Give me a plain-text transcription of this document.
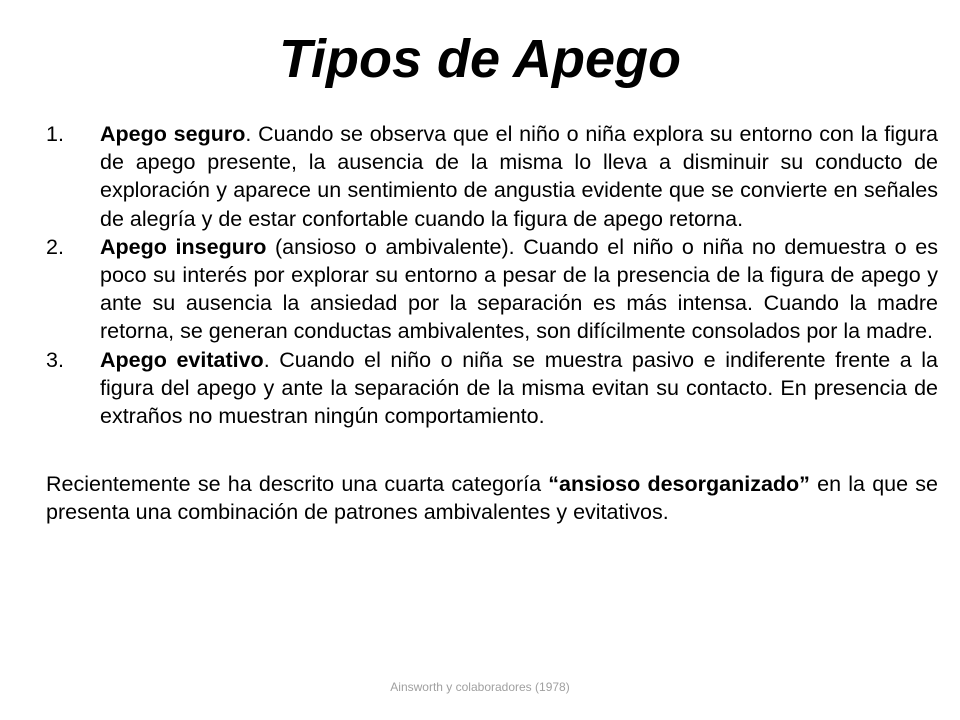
Tipos de Apego
1. Apego seguro. Cuando se observa que el niño o niña explora su entorno con la figura de apego presente, la ausencia de la misma lo lleva a disminuir su conducto de exploración y aparece un sentimiento de angustia evidente que se convierte en señales de alegría y de estar confortable cuando la figura de apego retorna.
2. Apego inseguro (ansioso o ambivalente). Cuando el niño o niña no demuestra o es poco su interés por explorar su entorno a pesar de la presencia de la figura de apego y ante su ausencia la ansiedad por la separación es más intensa. Cuando la madre retorna, se generan conductas ambivalentes, son difícilmente consolados por la madre.
3. Apego evitativo. Cuando el niño o niña se muestra pasivo e indiferente frente a la figura del apego y ante la separación de la misma evitan su contacto. En presencia de extraños no muestran ningún comportamiento.

Recientemente se ha descrito una cuarta categoría “ansioso desorganizado” en la que se presenta una combinación de patrones ambivalentes y evitativos.

Ainsworth y colaboradores (1978)
